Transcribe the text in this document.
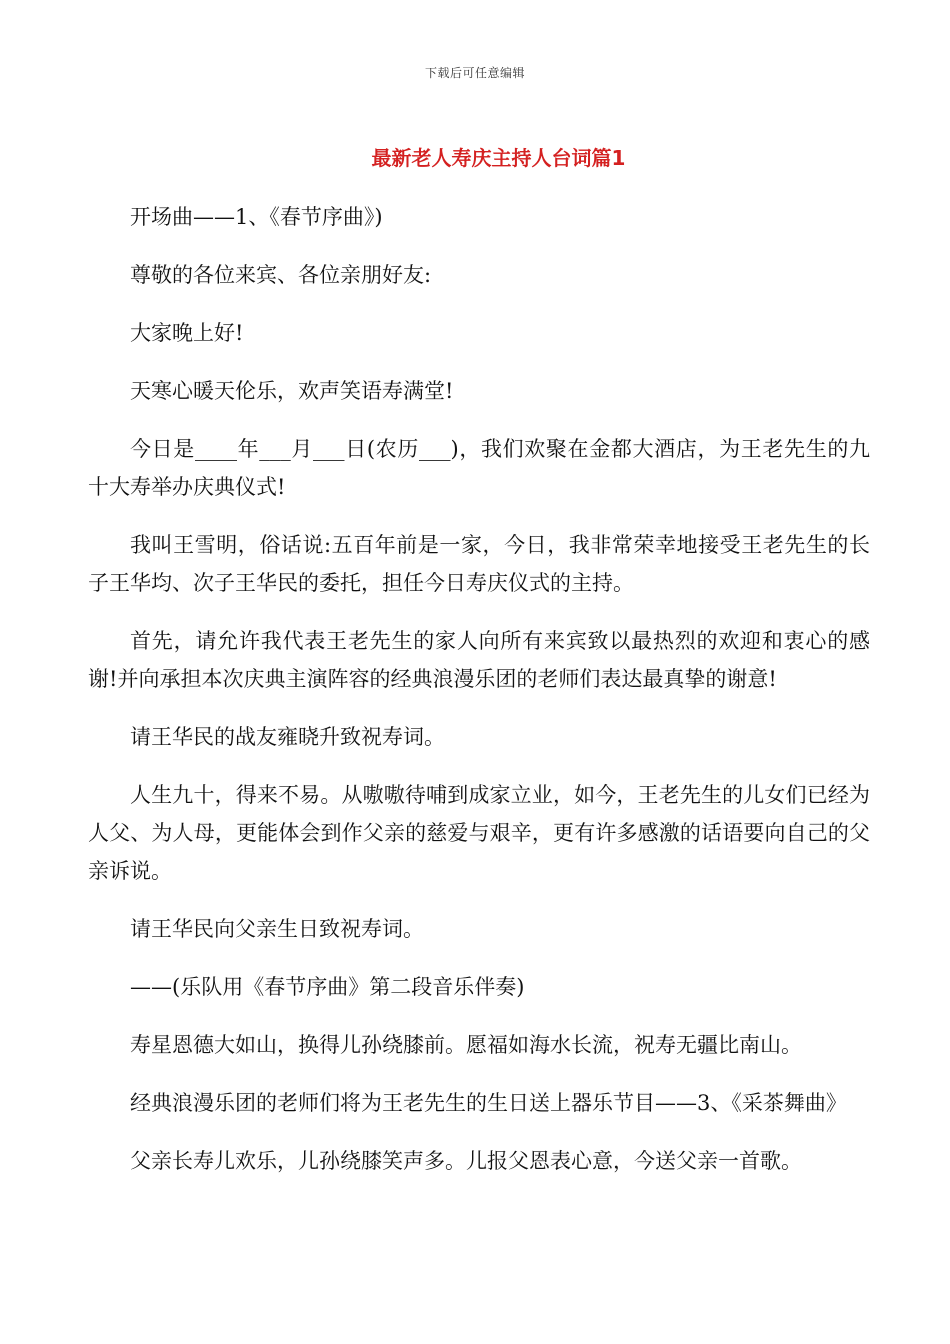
下载后可任意编辑
最新老人寿庆主持人台词篇1

开场曲——1、《春节序曲》)

尊敬的各位来宾、各位亲朋好友:

大家晚上好!

天寒心暖天伦乐，欢声笑语寿满堂!

今日是____年___月___日(农历___)，我们欢聚在金都大酒店，为王老先生的九十大寿举办庆典仪式!

我叫王雪明，俗话说:五百年前是一家，今日，我非常荣幸地接受王老先生的长子王华均、次子王华民的委托，担任今日寿庆仪式的主持。

首先，请允许我代表王老先生的家人向所有来宾致以最热烈的欢迎和衷心的感谢!并向承担本次庆典主演阵容的经典浪漫乐团的老师们表达最真挚的谢意!

请王华民的战友雍晓升致祝寿词。

人生九十，得来不易。从嗷嗷待哺到成家立业，如今，王老先生的儿女们已经为人父、为人母，更能体会到作父亲的慈爱与艰辛，更有许多感激的话语要向自己的父亲诉说。

请王华民向父亲生日致祝寿词。

——(乐队用《春节序曲》第二段音乐伴奏)

寿星恩德大如山，换得儿孙绕膝前。愿福如海水长流，祝寿无疆比南山。

经典浪漫乐团的老师们将为王老先生的生日送上器乐节目——3、《采茶舞曲》

父亲长寿儿欢乐，儿孙绕膝笑声多。儿报父恩表心意，今送父亲一首歌。
